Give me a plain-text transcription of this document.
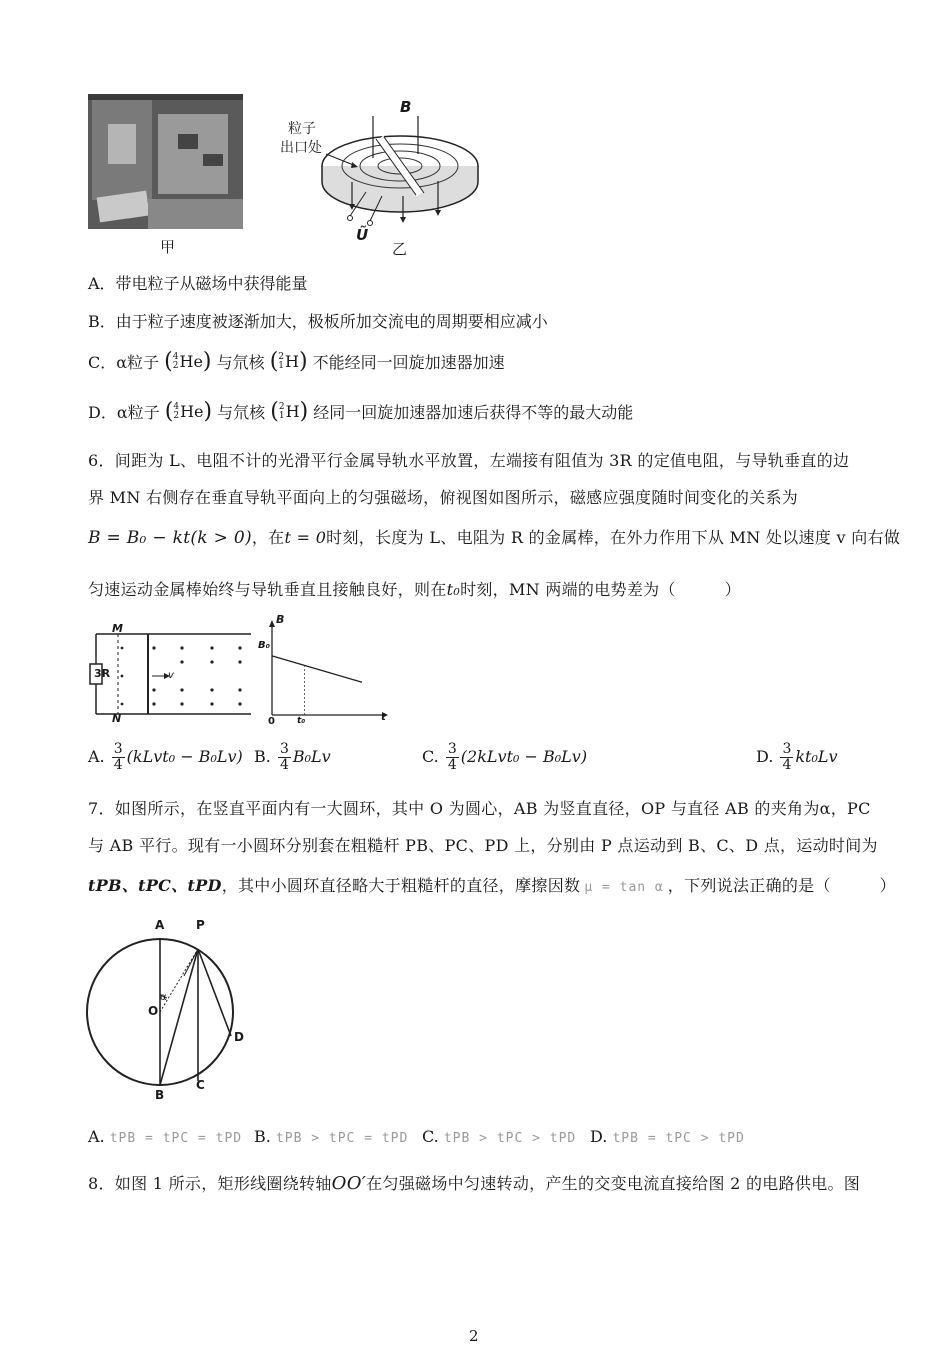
甲
B
粒子
出口处
Ũ
乙
A．带电粒子从磁场中获得能量
B．由于粒子速度被逐渐加大，极板所加交流电的周期要相应减小
C．α粒子 ( 4
2 He ) 与氘核 ( 2
1 H ) 不能经同一回旋加速器加速
D．α粒子 ( 4
2 He ) 与氘核 ( 2
1 H ) 经同一回旋加速器加速后获得不等的最大动能
6．间距为 L、电阻不计的光滑平行金属导轨水平放置，左端接有阻值为 3R 的定值电阻，与导轨垂直的边
界 MN 右侧存在垂直导轨平面向上的匀强磁场，俯视图如图所示，磁感应强度随时间变化的关系为
B = B₀ − kt(k > 0)，在t = 0时刻，长度为 L、电阻为 R 的金属棒，在外力作用下从 MN 处以速度 v 向右做
匀速运动金属棒始终与导轨垂直且接触良好，则在t₀时刻，MN 两端的电势差为（　　　）
M
N
3R	v
B
B₀
0 t₀	t
A. $\frac{3}{4}$ (kLvt₀ − B₀Lv) B. $\frac{3}{4} B_0Lv$	C. $\frac{3}{4}$ (2kLvt₀ − B₀Lv)	D. $\frac{3}{4} kt_0Lv$
7．如图所示，在竖直平面内有一大圆环，其中 O 为圆心，AB 为竖直直径，OP 与直径 AB 的夹角为α，PC
与 AB 平行。现有一小圆环分别套在粗糙杆 PB、PC、PD 上，分别由 P 点运动到 B、C、D 点，运动时间为
tPB、tPC、tPD，其中小圆环直径略大于粗糙杆的直径，摩擦因数 μ = tan α ，下列说法正确的是（　　　）
A	P
O
α
D
B
C
A. tPB = tPC = tPD B. tPB > tPC = tPD C. tPB > tPC > tPD D. tPB = tPC > tPD
8．如图 1 所示，矩形线圈绕转轴OO′在匀强磁场中匀速转动，产生的交变电流直接给图 2 的电路供电。图
2
